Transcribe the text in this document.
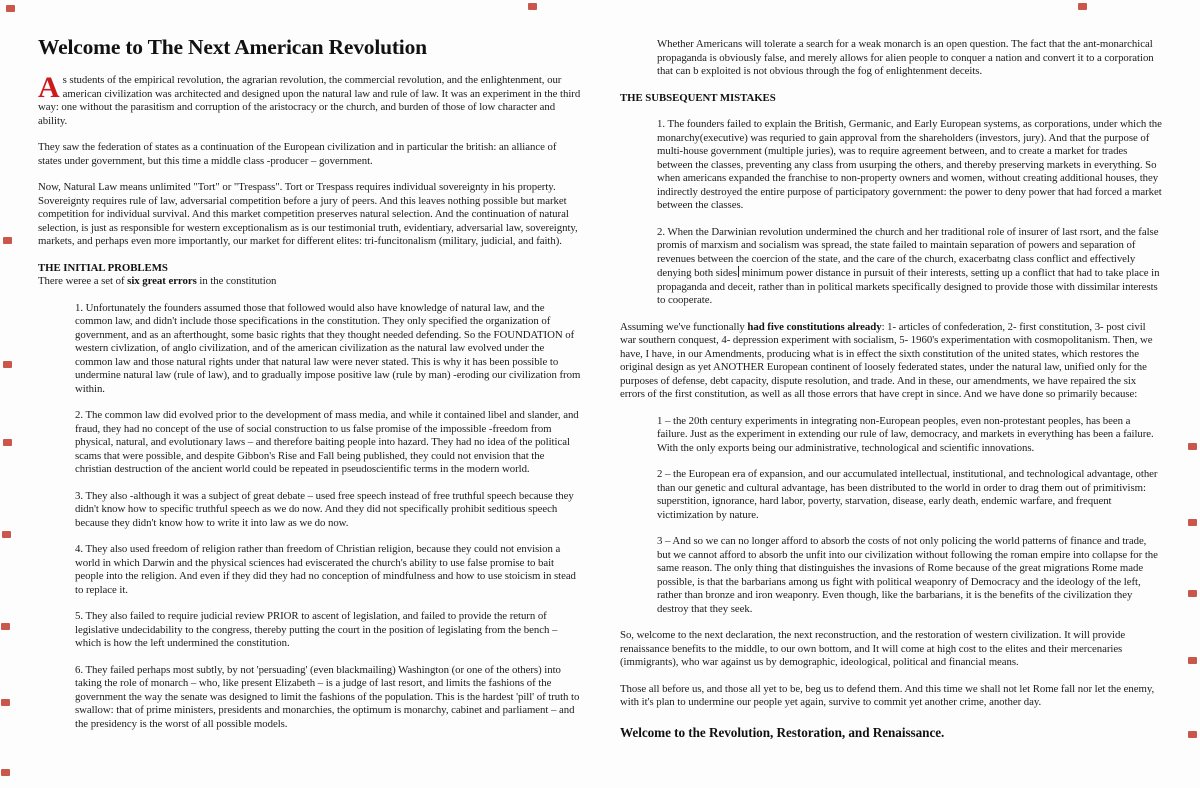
Welcome to The Next American Revolution

As students of the empirical revolution, the agrarian revolution, the commercial revolution, and the enlightenment, our american civilization was architected and designed upon the natural law and rule of law. It was an experiment in the third way: one without the parasitism and corruption of the aristocracy or the church, and burden of those of low character and ability.

They saw the federation of states as a continuation of the European civilization and in particular the british: an alliance of states under government, but this time a middle class -producer – government.

Now, Natural Law means unlimited "Tort" or "Trespass". Tort or Trespass requires individual sovereignty in his property. Sovereignty requires rule of law, adversarial competition before a jury of peers. And this leaves nothing possible but market competition for individual survival. And this market competition preserves natural selection. And the continuation of natural selection, is just as responsible for western exceptionalism as is our testimonial truth, evidentiary, adversarial law, sovereignty, markets, and perhaps even more importantly, our market for different elites: tri-funcitonalism (military, judicial, and faith).

THE INITIAL PROBLEMS

There weree a set of six great errors in the constitution

1. Unfortunately the founders assumed those that followed would also have knowledge of natural law, and the common law, and didn't include those specifications in the constitution. They only specified the organization of government, and as an afterthought, some basic rights that they thought needed defending. So the FOUNDATION of western civlization, of anglo civilization, and of the american civilization as the natural law evolved under the common law and those natural rights under that natural law were never stated. This is why it has been possible to undermine natural law (rule of law), and to gradually impose positive law (rule by man) -eroding our civilization from within.

2. The common law did evolved prior to the development of mass media, and while it contained libel and slander, and fraud, they had no concept of the use of social construction to us false promise of the impossible -freedom from physical, natural, and evolutionary laws – and therefore baiting people into hazard. They had no idea of the political scams that were possible, and despite Gibbon's Rise and Fall being published, they could not envision that the christian destruction of the ancient world could be repeated in pseudoscientific terms in the modern world.

3. They also -although it was a subject of great debate – used free speech instead of free truthful speech because they didn't know how to specific truthful speech as we do now. And they did not specifically prohibit seditious speech because they didn't know how to write it into law as we do now.

4. They also used freedom of religion rather than freedom of Christian religion, because they could not envision a world in which Darwin and the physical sciences had eviscerated the church's ability to use false promise to bait people into the religion. And even if they did they had no conception of mindfulness and how to use stoicism in stead to replace it.

5. They also failed to require judicial review PRIOR to ascent of legislation, and failed to provide the return of legislative undecidability to the congress, thereby putting the court in the position of legislating from the bench – which is how the left undermined the constitution.

6. They failed perhaps most subtly, by not 'persuading' (even blackmailing) Washington (or one of the others) into taking the role of monarch – who, like present Elizabeth – is a judge of last resort, and limits the fashions of the government the way the senate was designed to limit the fashions of the population. This is the hardest 'pill' of truth to swallow: that of prime ministers, presidents and monarchies, the optimum is monarchy, cabinet and parliament – and the presidency is the worst of all possible models.

Whether Americans will tolerate a search for a weak monarch is an open question. The fact that the ant-monarchical propaganda is obviously false, and merely allows for alien people to conquer a nation and convert it to a corporation that can b exploited is not obvious through the fog of enlightenment deceits.

THE SUBSEQUENT MISTAKES

1. The founders failed to explain the British, Germanic, and Early European systems, as corporations, under which the monarchy(executive) was requried to gain approval from the shareholders (investors, jury). And that the purpose of multi-house government (multiple juries), was to require agreement between, and to create a market for trades between the classes, preventing any class from usurping the others, and thereby preserving markets in everything. So when americans expanded the franchise to non-property owners and women, without creating additional houses, they indirectly destroyed the entire purpose of participatory government: the power to deny power that had forced a market between the classes.

2. When the Darwinian revolution undermined the church and her traditional role of insurer of last rsort, and the false promis of marxism and socialism was spread, the state failed to maintain separation of powers and separation of revenues between the coercion of the state, and the care of the church, exacerbatng class conflict and effectively denying both sides minimum power distance in pursuit of their interests, setting up a conflict that had to take place in propaganda and deceit, rather than in political markets specifically designed to provide those with dissimilar interests to cooperate.

Assuming we've functionally had five constitutions already: 1- articles of confederation, 2- first constitution, 3- post civil war southern conquest, 4- depression experiment with socialism, 5- 1960's experimentation with cosmopolitanism. Then, we have, I have, in our Amendments, producing what is in effect the sixth constitution of the united states, which restores the original design as yet ANOTHER European continent of loosely federated states, under the natural law, unified only for the purposes of defense, debt capacity, dispute resolution, and trade. And in these, our amendments, we have repaired the six errors of the first constitution, as well as all those errors that have crept in since. And we have done so primarily because:

1 – the 20th century experiments in integrating non-European peoples, even non-protestant peoples, has been a failure. Just as the experiment in extending our rule of law, democracy, and markets in everything has been a failure. With the only exports being our administrative, technological and scientific innovations.

2 – the European era of expansion, and our accumulated intellectual, institutional, and technological advantage, other than our genetic and cultural advantage, has been distributed to the world in order to drag them out of primitivism: superstition, ignorance, hard labor, poverty, starvation, disease, early death, endemic warfare, and frequent victimization by nature.

3 – And so we can no longer afford to absorb the costs of not only policing the world patterns of finance and trade, but we cannot afford to absorb the unfit into our civilization without following the roman empire into collapse for the same reason. The only thing that distinguishes the invasions of Rome because of the great migrations Rome made possible, is that the barbarians among us fight with political weaponry of Democracy and the ideology of the left, rather than bronze and iron weaponry. Even though, like the barbarians, it is the benefits of the civilization they destroy that they seek.

So, welcome to the next declaration, the next reconstruction, and the restoration of western civilization. It will provide renaissance benefits to the middle, to our own bottom, and It will come at high cost to the elites and their mercenaries (immigrants), who war against us by demographic, ideological, political and financial means.

Those all before us, and those all yet to be, beg us to defend them. And this time we shall not let Rome fall nor let the enemy, with it's plan to undermine our people yet again, survive to commit yet another crime, another day.

Welcome to the Revolution, Restoration, and Renaissance.
